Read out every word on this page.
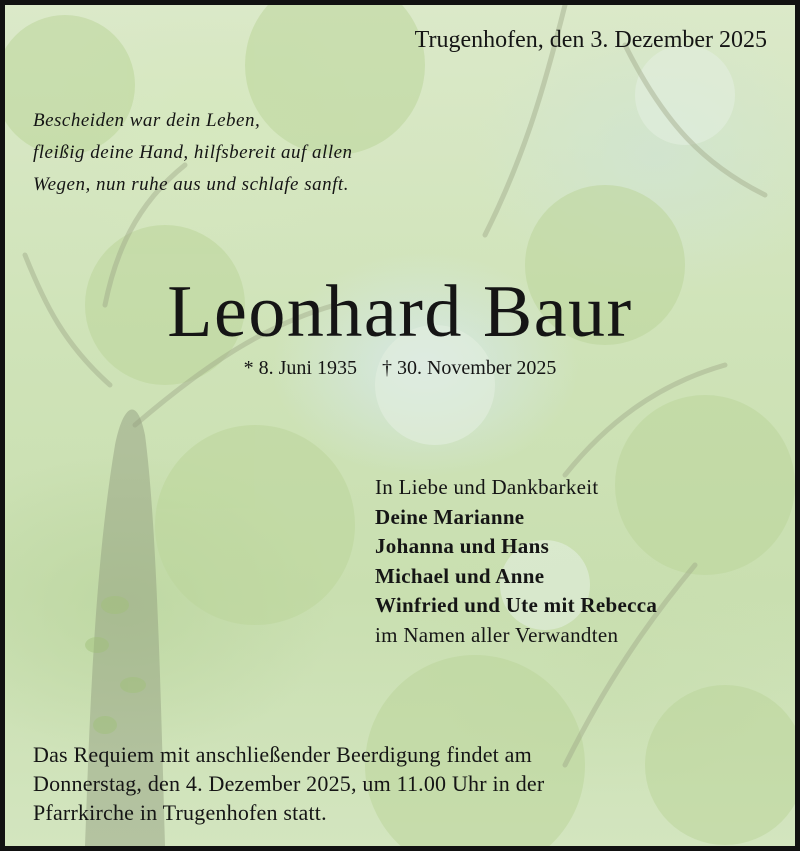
Trugenhofen, den 3. Dezember 2025

Bescheiden war dein Leben,
fleißig deine Hand, hilfsbereit auf allen
Wegen, nun ruhe aus und schlafe sanft.

Leonhard Baur

* 8. Juni 1935 † 30. November 2025

In Liebe und Dankbarkeit
Deine Marianne
Johanna und Hans
Michael und Anne
Winfried und Ute mit Rebecca
im Namen aller Verwandten

Das Requiem mit anschließender Beerdigung findet am
Donnerstag, den 4. Dezember 2025, um 11.00 Uhr in der
Pfarrkirche in Trugenhofen statt.
